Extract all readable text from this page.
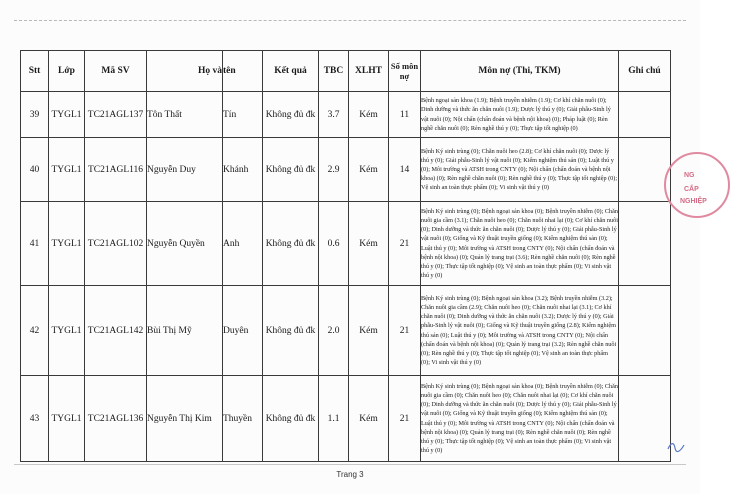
Stt	Lớp	Mã SV	Họ và	tên	Kết quả	TBC	XLHT	Số môn nợ	Môn nợ (Thi, TKM)	Ghi chú
39	TYGL1	TC21AGL137	Tôn Thất	Tín	Không đủ đk	3.7	Kém	11	Bệnh ngoại sản khoa (1.9); Bệnh truyền nhiễm (1.9); Cơ khí chăn nuôi (0); Dinh dưỡng và thức ăn chăn nuôi (1.9); Dược lý thú y (0); Giải phẫu-Sinh lý vật nuôi (0); Nội chẩn (chẩn đoán và bệnh nội khoa) (0); Pháp luật (0); Rèn nghề chăn nuôi (0); Rèn nghề thú y (0); Thực tập tốt nghiệp (0)	
40	TYGL1	TC21AGL116	Nguyễn Duy	Khánh	Không đủ đk	2.9	Kém	14	Bệnh Ký sinh trùng (0); Chăn nuôi heo (2.8); Cơ khí chăn nuôi (0); Dược lý thú y (0); Giải phẫu-Sinh lý vật nuôi (0); Kiểm nghiệm thú sản (0); Luật thú y (0); Môi trường và ATSH trong CNTY (0); Nội chẩn (chẩn đoán và bệnh nội khoa) (0); Rèn nghề chăn nuôi (0); Rèn nghề thú y (0); Thực tập tốt nghiệp (0); Vệ sinh an toàn thực phẩm (0); Vi sinh vật thú y (0)	
41	TYGL1	TC21AGL102	Nguyễn Quyền	Anh	Không đủ đk	0.6	Kém	21	Bệnh Ký sinh trùng (0); Bệnh ngoại sản khoa (0); Bệnh truyền nhiễm (0); Chăn nuôi gia cầm (3.1); Chăn nuôi heo (0); Chăn nuôi nhai lại (0); Cơ khí chăn nuôi (0); Dinh dưỡng và thức ăn chăn nuôi (0); Dược lý thú y (0); Giải phẫu-Sinh lý vật nuôi (0); Giống và Kỹ thuật truyền giống (0); Kiểm nghiệm thú sản (0); Luật thú y (0); Môi trường và ATSH trong CNTY (0); Nội chẩn (chẩn đoán và bệnh nội khoa) (0); Quản lý trang trại (3.6); Rèn nghề chăn nuôi (0); Rèn nghề thú y (0); Thực tập tốt nghiệp (0); Vệ sinh an toàn thực phẩm (0); Vi sinh vật thú y (0)	
42	TYGL1	TC21AGL142	Bùi Thị Mỹ	Duyên	Không đủ đk	2.0	Kém	21	Bệnh Ký sinh trùng (0); Bệnh ngoại sản khoa (3.2); Bệnh truyền nhiễm (3.2); Chăn nuôi gia cầm (2.9); Chăn nuôi heo (0); Chăn nuôi nhai lại (3.1); Cơ khí chăn nuôi (0); Dinh dưỡng và thức ăn chăn nuôi (3.2); Dược lý thú y (0); Giải phẫu-Sinh lý vật nuôi (0); Giống và Kỹ thuật truyền giống (2.8); Kiểm nghiệm thú sản (0); Luật thú y (0); Môi trường và ATSH trong CNTY (0); Nội chẩn (chẩn đoán và bệnh nội khoa) (0); Quản lý trang trại (3.2); Rèn nghề chăn nuôi (0); Rèn nghề thú y (0); Thực tập tốt nghiệp (0); Vệ sinh an toàn thực phẩm (0); Vi sinh vật thú y (0)	
43	TYGL1	TC21AGL136	Nguyễn Thị Kim	Thuyền	Không đủ đk	1.1	Kém	21	Bệnh Ký sinh trùng (0); Bệnh ngoại sản khoa (0); Bệnh truyền nhiễm (0); Chăn nuôi gia cầm (0); Chăn nuôi heo (0); Chăn nuôi nhai lại (0); Cơ khí chăn nuôi (0); Dinh dưỡng và thức ăn chăn nuôi (0); Dược lý thú y (0); Giải phẫu-Sinh lý vật nuôi (0); Giống và Kỹ thuật truyền giống (0); Kiểm nghiệm thú sản (0); Luật thú y (0); Môi trường và ATSH trong CNTY (0); Nội chẩn (chẩn đoán và bệnh nội khoa) (0); Quản lý trang trại (0); Rèn nghề chăn nuôi (0); Rèn nghề thú y (0); Thực tập tốt nghiệp (0); Vệ sinh an toàn thực phẩm (0); Vi sinh vật thú y (0)	
NG
CẤP
NGHIỆP
Trang 3
